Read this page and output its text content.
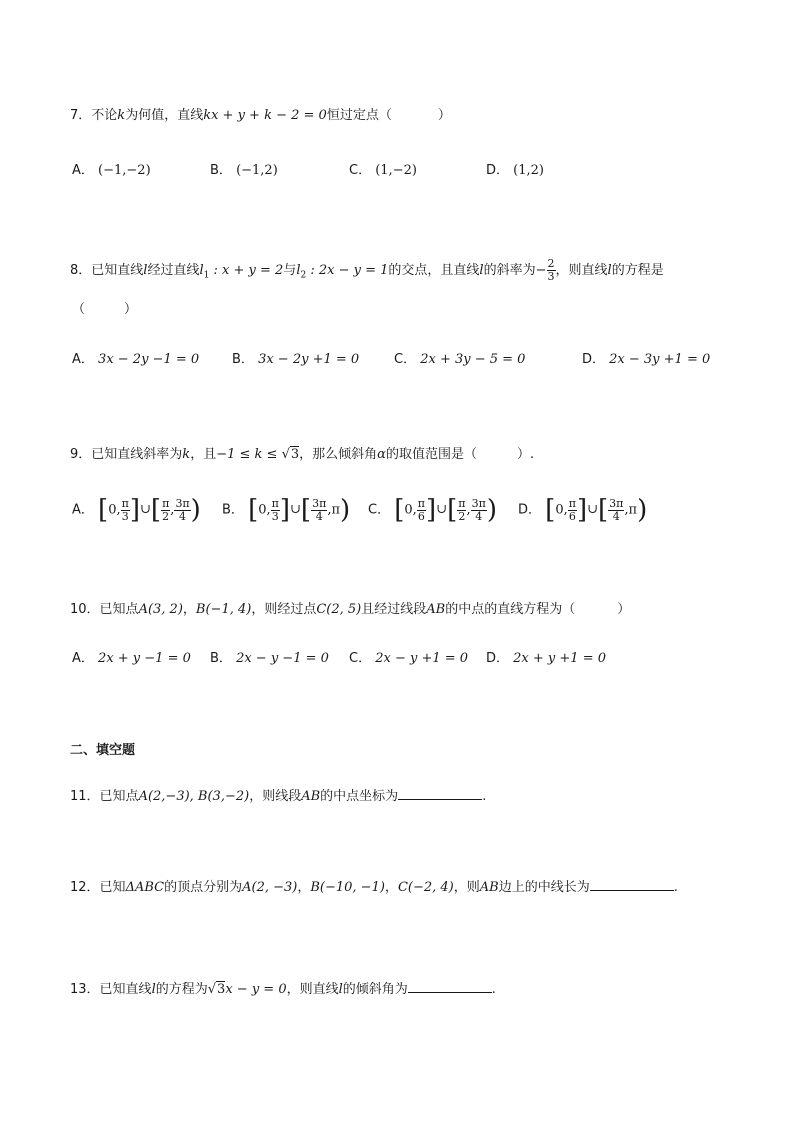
7．不论k为何值，直线kx + y + k − 2 = 0恒过定点（	）
A． (−1,−2)	B． (−1,2)	C． (1,−2)	D． (1,2)
8．已知直线l经过直线$l_1$ : x + y = 2与$l_2$ : 2x − y = 1的交点，且直线l的斜率为− $\frac{2}{3}$ ，则直线l的方程是
（　　　）
A． 3x − 2y −1 = 0	B． 3x − 2y +1 = 0	C． 2x + 3y − 5 = 0	D． 2x − 3y +1 = 0
9．已知直线斜率为k，且−1 ≤ k ≤ √3，那么倾斜角α的取值范围是（	）.
A． [0, $\frac{\pi}{3}$ ]∪[ $\frac{\pi}{2}$ , $\frac{3\pi}{4}$ ) B． [0, $\frac{\pi}{3}$ ]∪[ $\frac{3\pi}{4} ,\pi$) C． [0, $\frac{\pi}{6}$ ]∪[ $\frac{\pi}{2}$ , $\frac{3\pi}{4}$ ) D． [0, $\frac{\pi}{6}$ ]∪[ $\frac{3\pi}{4} ,\pi$)
10．已知点A(3, 2)，B(−1, 4)，则经过点C(2, 5)且经过线段AB的中点的直线方程为（	）
A． 2x + y −1 = 0 B． 2x − y −1 = 0 C． 2x − y +1 = 0 D． 2x + y +1 = 0
二、填空题
11．已知点A(2,−3), B(3,−2)，则线段AB的中点坐标为	.
12．已知ΔABC的顶点分别为A(2, −3)，B(−10, −1)，C(−2, 4)，则AB边上的中线长为	.
13．已知直线l的方程为√3x − y = 0，则直线l的倾斜角为	.
